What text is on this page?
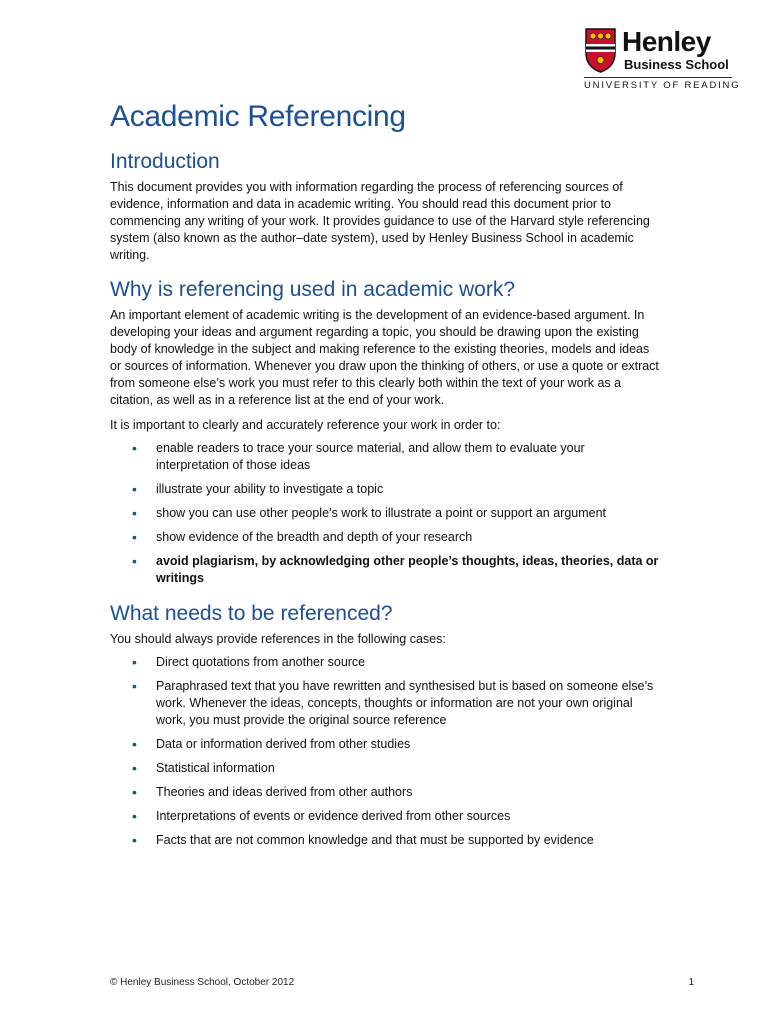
Henley
Business School
UNIVERSITY OF READING
Academic Referencing
Introduction

This document provides you with information regarding the process of referencing sources of evidence, information and data in academic writing. You should read this document prior to commencing any writing of your work. It provides guidance to use of the Harvard style referencing system (also known as the author–date system), used by Henley Business School in academic writing.

Why is referencing used in academic work?

An important element of academic writing is the development of an evidence-based argument. In developing your ideas and argument regarding a topic, you should be drawing upon the existing body of knowledge in the subject and making reference to the existing theories, models and ideas or sources of information. Whenever you draw upon the thinking of others, or use a quote or extract from someone else’s work you must refer to this clearly both within the text of your work as a citation, as well as in a reference list at the end of your work.

It is important to clearly and accurately reference your work in order to:

• enable readers to trace your source material, and allow them to evaluate your interpretation of those ideas
• illustrate your ability to investigate a topic
• show you can use other people’s work to illustrate a point or support an argument
• show evidence of the breadth and depth of your research
• avoid plagiarism, by acknowledging other people’s thoughts, ideas, theories, data or writings
What needs to be referenced?

You should always provide references in the following cases:

• Direct quotations from another source
• Paraphrased text that you have rewritten and synthesised but is based on someone else’s work. Whenever the ideas, concepts, thoughts or information are not your own original work, you must provide the original source reference
• Data or information derived from other studies
• Statistical information
• Theories and ideas derived from other authors
• Interpretations of events or evidence derived from other sources
• Facts that are not common knowledge and that must be supported by evidence
© Henley Business School, October 2012	1
